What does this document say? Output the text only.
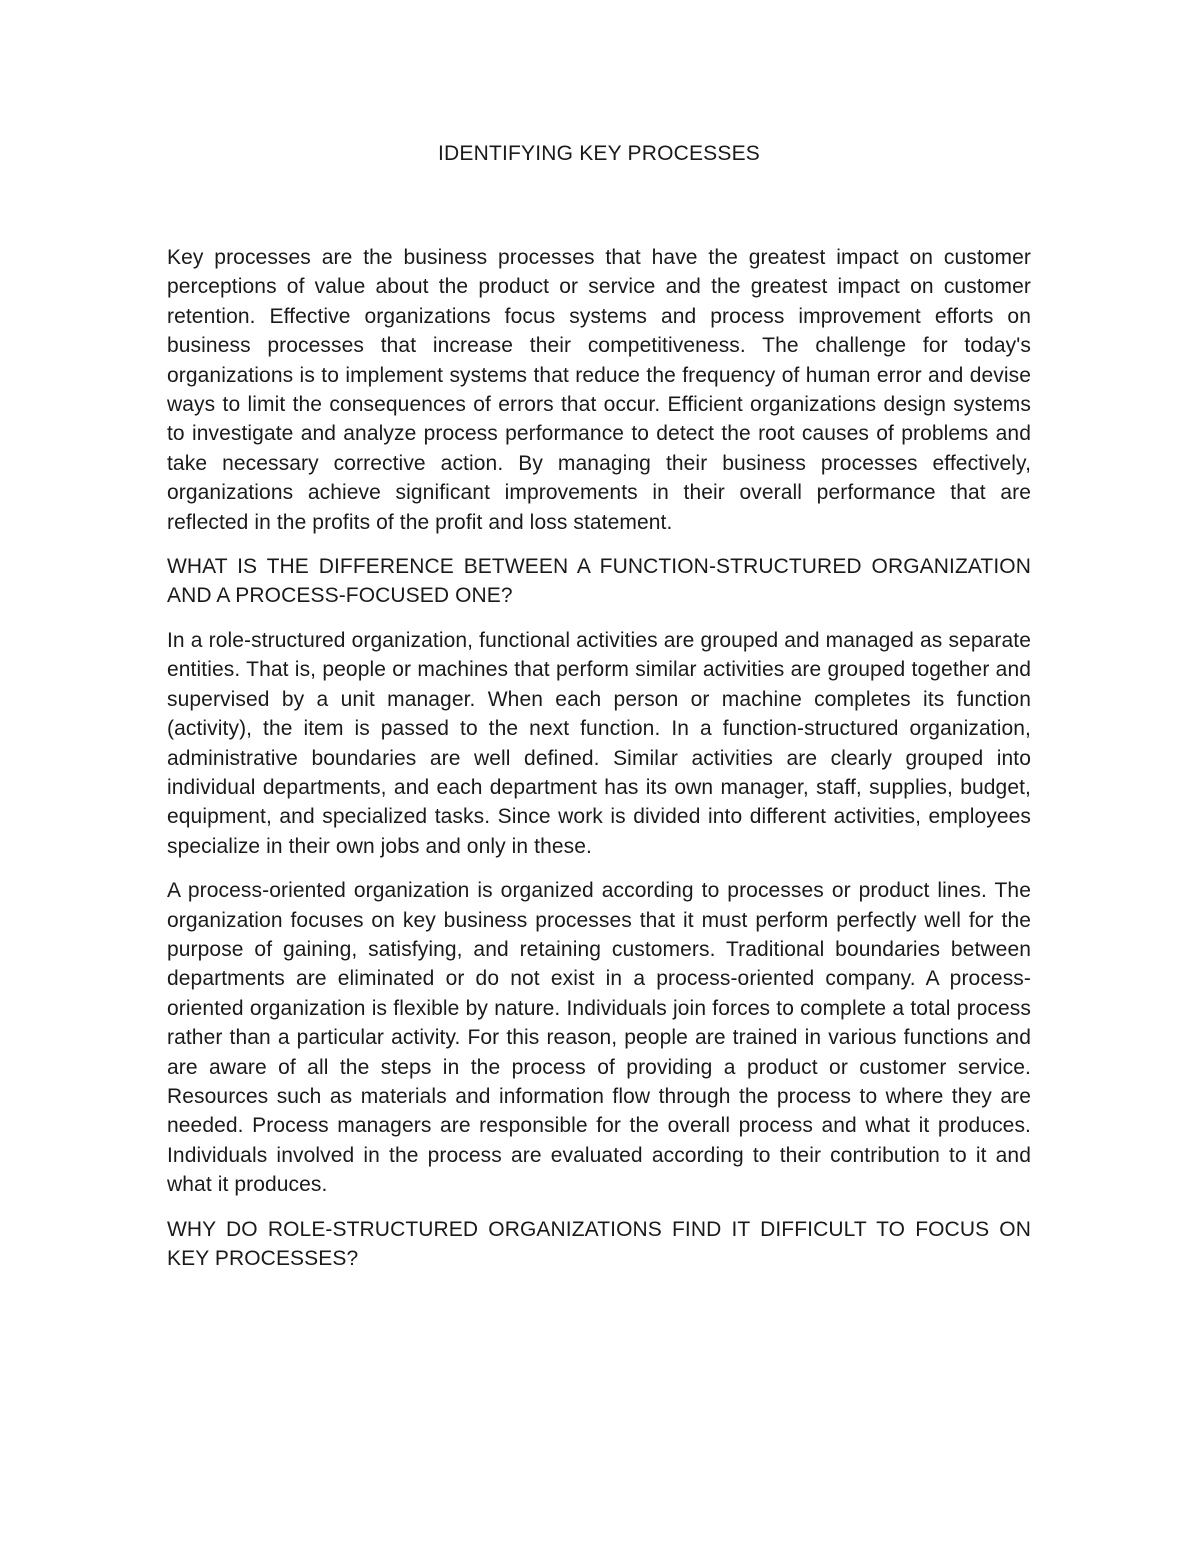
IDENTIFYING KEY PROCESSES

Key processes are the business processes that have the greatest impact on customer perceptions of value about the product or service and the greatest impact on customer retention. Effective organizations focus systems and process improvement efforts on business processes that increase their competitiveness. The challenge for today's organizations is to implement systems that reduce the frequency of human error and devise ways to limit the consequences of errors that occur. Efficient organizations design systems to investigate and analyze process performance to detect the root causes of problems and take necessary corrective action. By managing their business processes effectively, organizations achieve significant improvements in their overall performance that are reflected in the profits of the profit and loss statement.

WHAT IS THE DIFFERENCE BETWEEN A FUNCTION-STRUCTURED ORGANIZATION AND A PROCESS-FOCUSED ONE?

In a role-structured organization, functional activities are grouped and managed as separate entities. That is, people or machines that perform similar activities are grouped together and supervised by a unit manager. When each person or machine completes its function (activity), the item is passed to the next function. In a function-structured organization, administrative boundaries are well defined. Similar activities are clearly grouped into individual departments, and each department has its own manager, staff, supplies, budget, equipment, and specialized tasks. Since work is divided into different activities, employees specialize in their own jobs and only in these.

A process-oriented organization is organized according to processes or product lines. The organization focuses on key business processes that it must perform perfectly well for the purpose of gaining, satisfying, and retaining customers. Traditional boundaries between departments are eliminated or do not exist in a process-oriented company. A process-oriented organization is flexible by nature. Individuals join forces to complete a total process rather than a particular activity. For this reason, people are trained in various functions and are aware of all the steps in the process of providing a product or customer service. Resources such as materials and information flow through the process to where they are needed. Process managers are responsible for the overall process and what it produces. Individuals involved in the process are evaluated according to their contribution to it and what it produces.

WHY DO ROLE-STRUCTURED ORGANIZATIONS FIND IT DIFFICULT TO FOCUS ON KEY PROCESSES?
